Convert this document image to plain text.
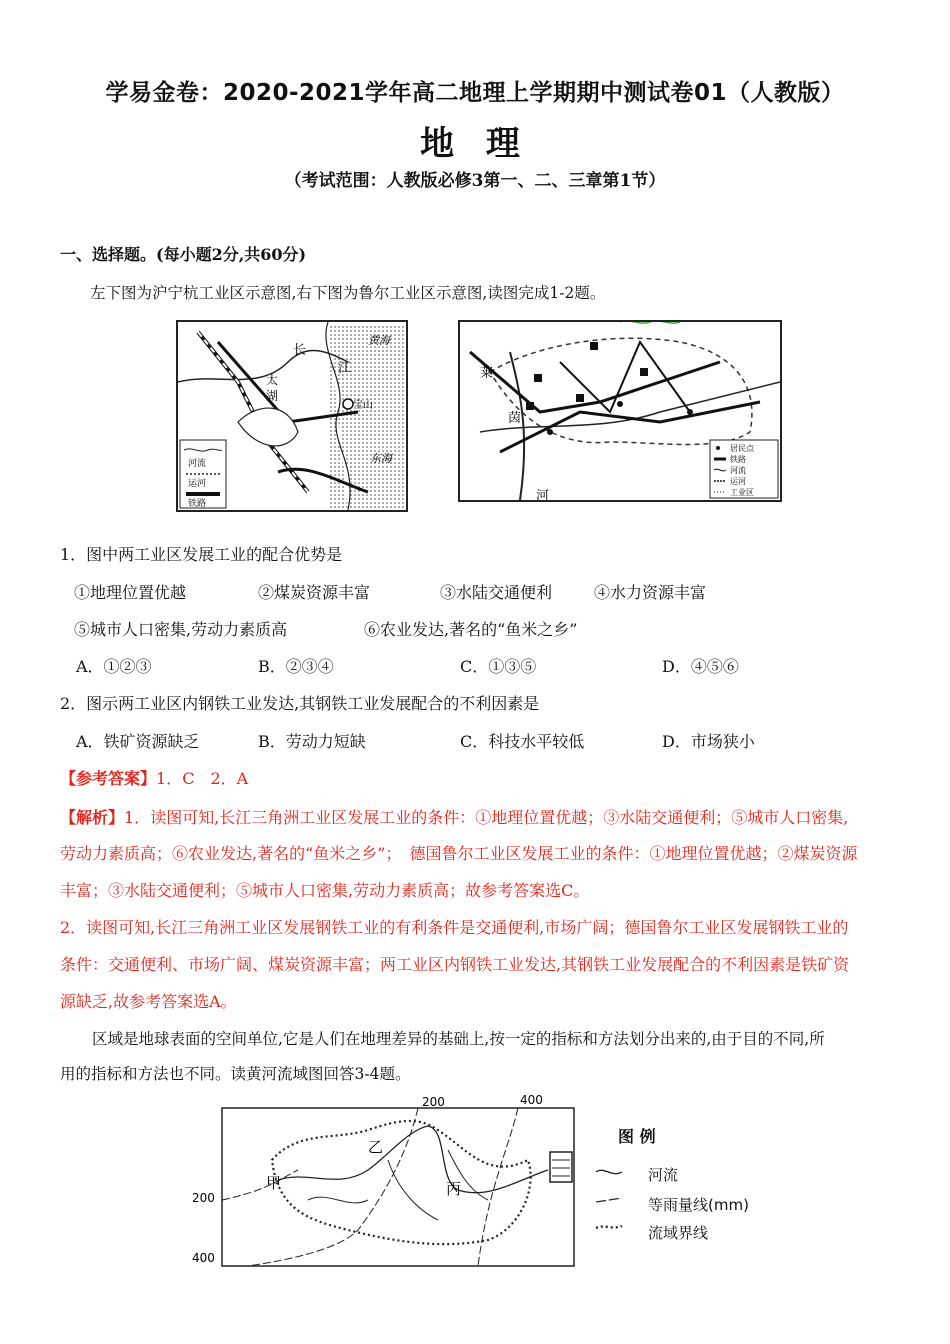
学易金卷：2020-2021学年高二地理上学期期中测试卷01（人教版）
地 理
（考试范围：人教版必修3第一、二、三章第1节）
一、选择题。(每小题2分,共60分)
左下图为沪宁杭工业区示意图,右下图为鲁尔工业区示意图,读图完成1-2题。
长
江
太
湖
黄海
宝山
东海
河流
运河
铁路
莱
茵
河
居民点
铁路
河流
运河
工业区
1．图中两工业区发展工业的配合优势是
①地理位置优越	②煤炭资源丰富	③水陆交通便利	④水力资源丰富
⑤城市人口密集,劳动力素质高	⑥农业发达,著名的“鱼米之乡”
A．①②③	B．②③④	C．①③⑤	D．④⑤⑥
2．图示两工业区内钢铁工业发达,其钢铁工业发展配合的不利因素是
A．铁矿资源缺乏	B．劳动力短缺	C．科技水平较低	D．市场狭小
【参考答案】1．C　2．A
【解析】1．读图可知,长江三角洲工业区发展工业的条件：①地理位置优越；③水陆交通便利；⑤城市人口密集,
劳动力素质高；⑥农业发达,著名的“鱼米之乡”；　德国鲁尔工业区发展工业的条件：①地理位置优越；②煤炭资源
丰富；③水陆交通便利；⑤城市人口密集,劳动力素质高；故参考答案选C。
2．读图可知,长江三角洲工业区发展钢铁工业的有利条件是交通便利,市场广阔；德国鲁尔工业区发展钢铁工业的
条件：交通便利、市场广阔、煤炭资源丰富；两工业区内钢铁工业发达,其钢铁工业发展配合的不利因素是铁矿资
源缺乏,故参考答案选A。
区域是地球表面的空间单位,它是人们在地理差异的基础上,按一定的指标和方法划分出来的,由于目的不同,所
用的指标和方法也不同。读黄河流域图回答3-4题。
200	400
200
400
乙
甲	丙
图 例
河流
等雨量线(mm)
流域界线
